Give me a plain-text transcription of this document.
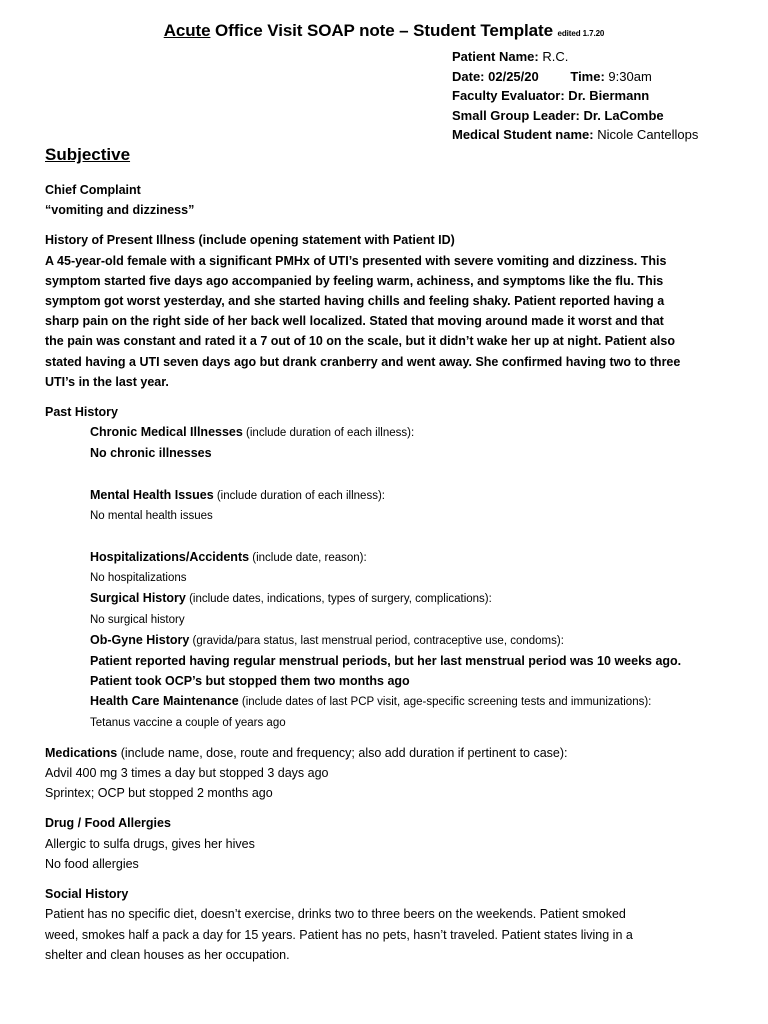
Acute Office Visit SOAP note – Student Template edited 1.7.20
Patient Name: R.C.
Date: 02/25/20 Time: 9:30am
Faculty Evaluator: Dr. Biermann
Small Group Leader: Dr. LaCombe
Medical Student name: Nicole Cantellops
Subjective

Chief Complaint

“vomiting and dizziness”

History of Present Illness (include opening statement with Patient ID)

A 45-year-old female with a significant PMHx of UTI’s presented with severe vomiting and dizziness. This

symptom started five days ago accompanied by feeling warm, achiness, and symptoms like the flu. This

symptom got worst yesterday, and she started having chills and feeling shaky. Patient reported having a

sharp pain on the right side of her back well localized. Stated that moving around made it worst and that

the pain was constant and rated it a 7 out of 10 on the scale, but it didn’t wake her up at night. Patient also

stated having a UTI seven days ago but drank cranberry and went away. She confirmed having two to three

UTI’s in the last year.

Past History

Chronic Medical Illnesses (include duration of each illness):

No chronic illnesses

Mental Health Issues (include duration of each illness):

No mental health issues

Hospitalizations/Accidents (include date, reason):

No hospitalizations

Surgical History (include dates, indications, types of surgery, complications):

No surgical history

Ob-Gyne History (gravida/para status, last menstrual period, contraceptive use, condoms):

Patient reported having regular menstrual periods, but her last menstrual period was 10 weeks ago.

Patient took OCP’s but stopped them two months ago

Health Care Maintenance (include dates of last PCP visit, age-specific screening tests and immunizations):

Tetanus vaccine a couple of years ago

Medications (include name, dose, route and frequency; also add duration if pertinent to case):

Advil 400 mg 3 times a day but stopped 3 days ago

Sprintex; OCP but stopped 2 months ago

Drug / Food Allergies

Allergic to sulfa drugs, gives her hives

No food allergies

Social History

Patient has no specific diet, doesn’t exercise, drinks two to three beers on the weekends. Patient smoked

weed, smokes half a pack a day for 15 years. Patient has no pets, hasn’t traveled. Patient states living in a

shelter and clean houses as her occupation.
